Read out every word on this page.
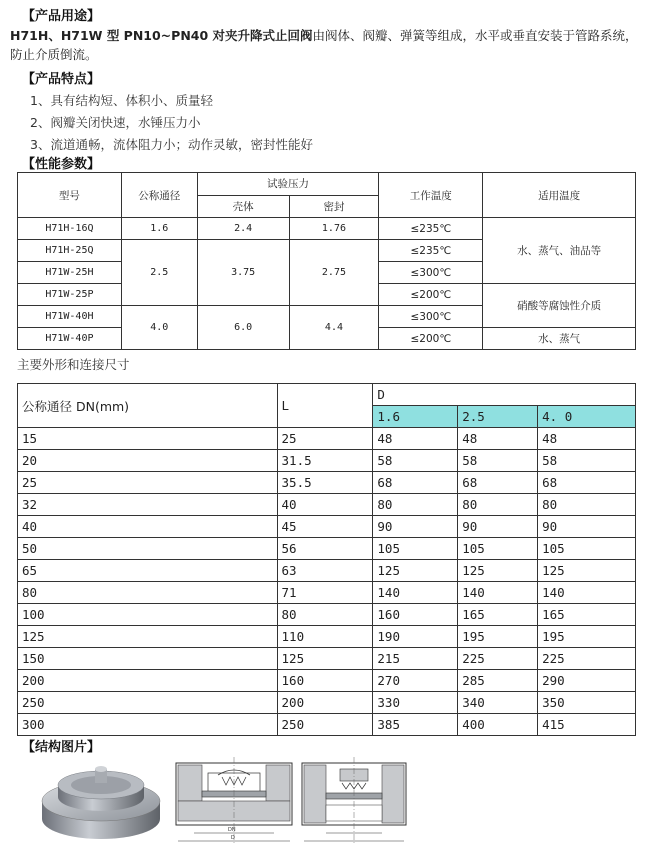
【产品用途】
H71H、H71W 型 PN10~PN40 对夹升降式止回阀由阀体、阀瓣、弹簧等组成，水平或垂直安装于管路系统，防止介质倒流。
【产品特点】
1、具有结构短、体积小、质量轻
2、阀瓣关闭快速，水锤压力小
3、流道通畅，流体阻力小；动作灵敏，密封性能好
【性能参数】
型号	公称通径	试验压力		工作温度	适用温度
		壳体	密封		
H71H-16Q	1.6	2.4	1.76	≤235℃	水、蒸气、油品等
H71H-25Q	2.5	3.75	2.75	≤235℃	
H71W-25H				≤300℃	
H71W-25P				≤200℃	硝酸等腐蚀性介质
H71W-40H	4.0	6.0	4.4	≤300℃	
H71W-40P				≤200℃	水、蒸气
主要外形和连接尺寸
公称通径 DN(mm)	L	D		
		1.6	2.5	4. 0
15	25	48	48	48
20	31.5	58	58	58
25	35.5	68	68	68
32	40	80	80	80
40	45	90	90	90
50	56	105	105	105
65	63	125	125	125
80	71	140	140	140
100	80	160	165	165
125	110	190	195	195
150	125	215	225	225
200	160	270	285	290
250	200	330	340	350
300	250	385	400	415
【结构图片】
DN
D
